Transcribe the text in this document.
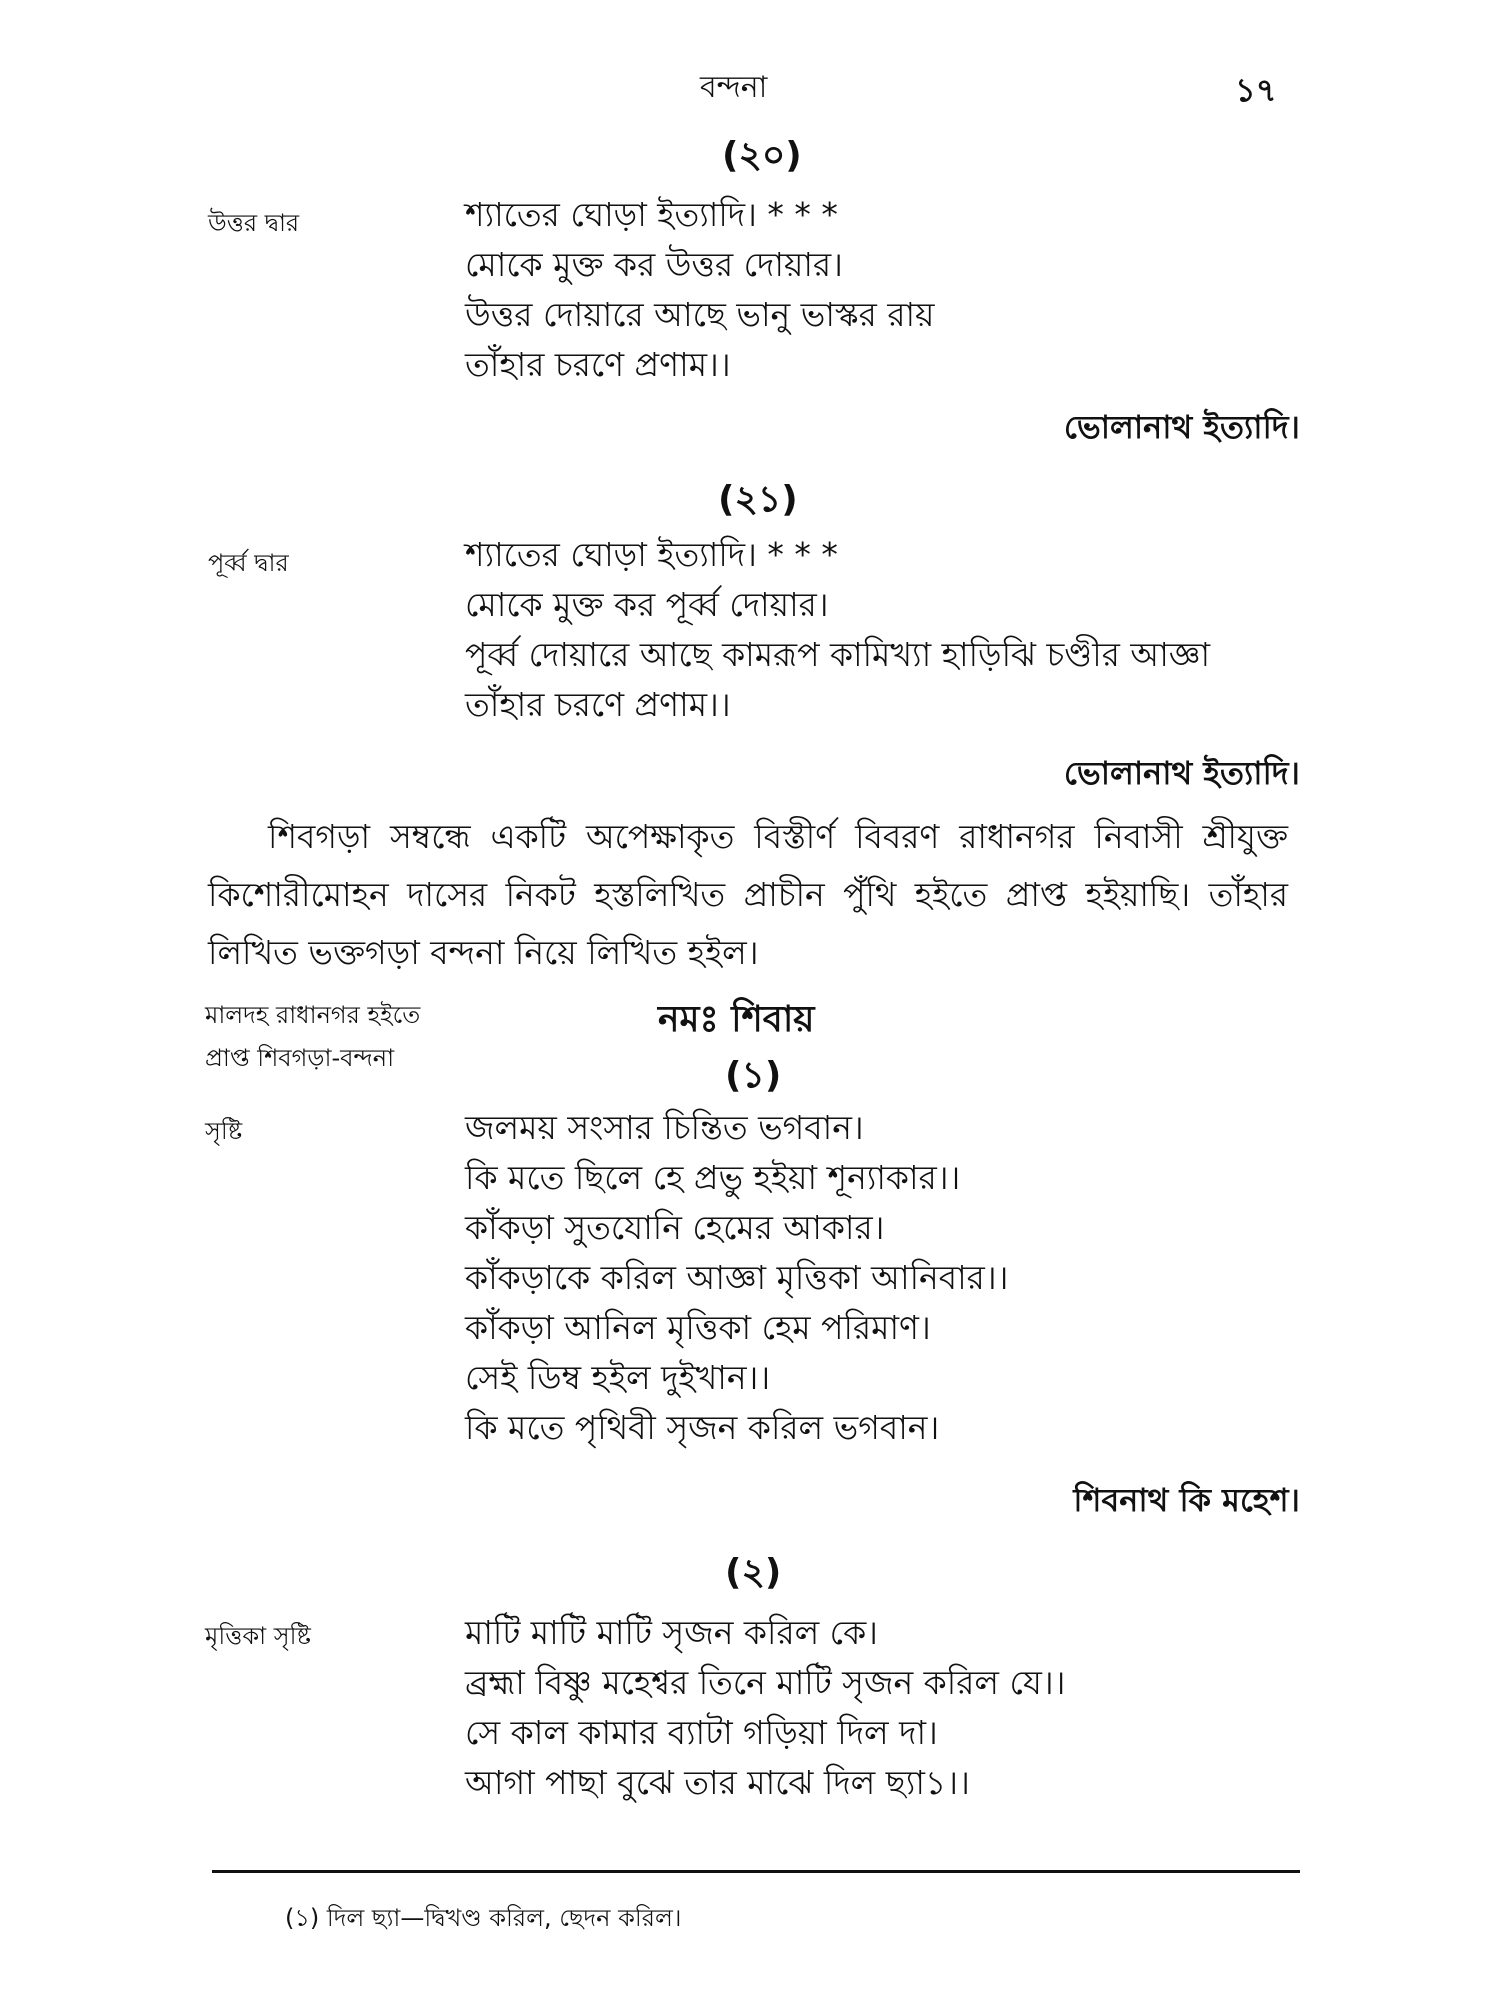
বন্দনা	১৭
(২০)
উত্তর দ্বার	শ্যাতের ঘোড়া ইত্যাদি। * * *
মোকে মুক্ত কর উত্তর দোয়ার।
উত্তর দোয়ারে আছে ভানু ভাস্কর রায়
তাঁহার চরণে প্রণাম।।
ভোলানাথ ইত্যাদি।
(২১)
পূর্ব্ব দ্বার	শ্যাতের ঘোড়া ইত্যাদি। * * *
মোকে মুক্ত কর পূর্ব্ব দোয়ার।
পূর্ব্ব দোয়ারে আছে কামরূপ কামিখ্যা হাড়িঝি চণ্ডীর আজ্ঞা
তাঁহার চরণে প্রণাম।।
ভোলানাথ ইত্যাদি।
শিবগড়া সম্বন্ধে একটি অপেক্ষাকৃত বিস্তীর্ণ বিবরণ রাধানগর নিবাসী শ্রীযুক্ত কিশোরীমোহন দাসের নিকট হস্তলিখিত প্রাচীন পুঁথি হইতে প্রাপ্ত হইয়াছি। তাঁহার লিখিত ভক্তগড়া বন্দনা নিয়ে লিখিত হইল।
মালদহ রাধানগর হইতে
প্রাপ্ত শিবগড়া-বন্দনা
নমঃ শিবায়
(১)
সৃষ্টি	জলময় সংসার চিন্তিত ভগবান।
কি মতে ছিলে হে প্রভু হইয়া শূন্যাকার।।
কাঁকড়া সুতযোনি হেমের আকার।
কাঁকড়াকে করিল আজ্ঞা মৃত্তিকা আনিবার।।
কাঁকড়া আনিল মৃত্তিকা হেম পরিমাণ।
সেই ডিম্ব হইল দুইখান।।
কি মতে পৃথিবী সৃজন করিল ভগবান।
শিবনাথ কি মহেশ।
(২)
মৃত্তিকা সৃষ্টি	মাটি মাটি মাটি সৃজন করিল কে।
ব্রহ্মা বিষ্ণু মহেশ্বর তিনে মাটি সৃজন করিল যে।।
সে কাল কামার ব্যাটা গড়িয়া দিল দা।
আগা পাছা বুঝে তার মাঝে দিল ছ্যা১।।
(১) দিল ছ্যা—দ্বিখণ্ড করিল, ছেদন করিল।
